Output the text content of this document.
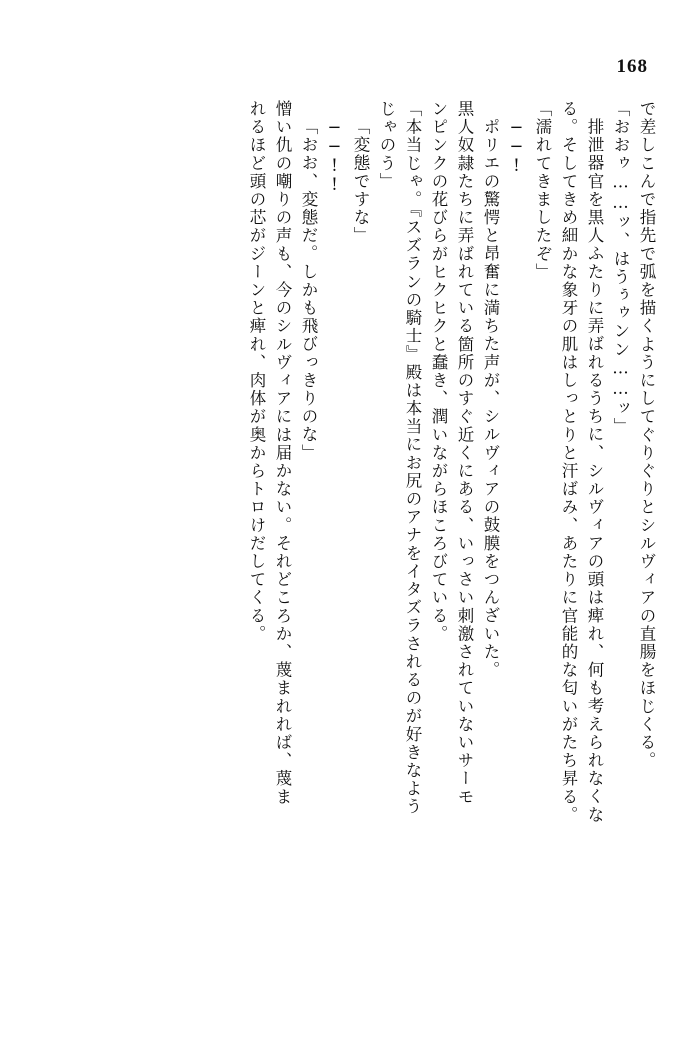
168
で差しこんで指先で弧を描くようにしてぐりぐりとシルヴィアの直腸をほじくる。
「おおゥ……ッ、はうぅゥンン……ッ」
排泄器官を黒人ふたりに弄ばれるうちに、シルヴィアの頭は痺れ、何も考えられなくな
る。そしてきめ細かな象牙の肌はしっとりと汗ばみ、あたりに官能的な匂いがたち昇る。
「濡れてきましたぞ」
──!
ポリエの驚愕と昂奮に満ちた声が、シルヴィアの鼓膜をつんざいた。
黒人奴隷たちに弄ばれている箇所のすぐ近くにある、いっさい刺激されていないサーモ
ンピンクの花びらがヒクヒクと蠢き、潤いながらほころびている。
「本当じゃ。『スズランの騎士』殿は本当にお尻のアナをイタズラされるのが好きなよう
じゃのう」
「変態ですな」
──!!
「おお、変態だ。しかも飛びっきりのな」
憎い仇の嘲りの声も、今のシルヴィアには届かない。それどころか、蔑まれれば、蔑ま
れるほど頭の芯がジーンと痺れ、肉体が奥からトロけだしてくる。
